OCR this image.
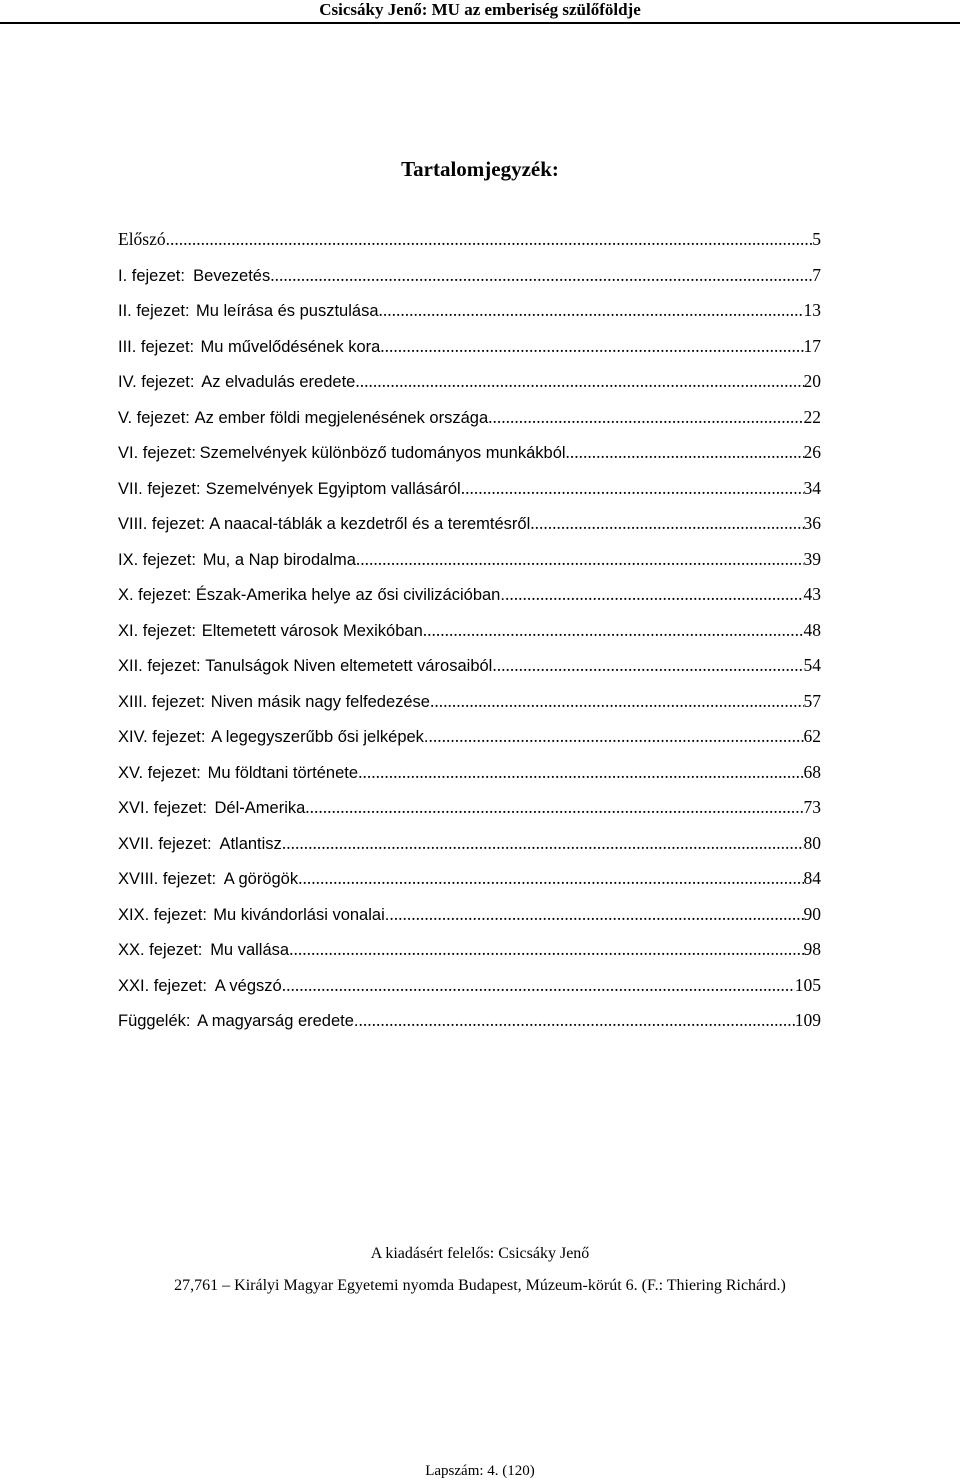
Csicsáky Jenő: MU az emberiség szülőföldje
Tartalomjegyzék:
Előszó .....	5
I. fejezet: Bevezetés .....	7
II. fejezet: Mu leírása és pusztulása .....	13
III. fejezet: Mu művelődésének kora .....	17
IV. fejezet: Az elvadulás eredete .....	20
V. fejezet: Az ember földi megjelenésének országa .....	22
VI. fejezet: Szemelvények különböző tudományos munkákból .....	26
VII. fejezet: Szemelvények Egyiptom vallásáról .....	34
VIII. fejezet: A naacal-táblák a kezdetről és a teremtésről .....	36
IX. fejezet: Mu, a Nap birodalma .....	39
X. fejezet: Észak-Amerika helye az ősi civilizációban. .....	43
XI. fejezet: Eltemetett városok Mexikóban .....	48
XII. fejezet: Tanulságok Niven eltemetett városaiból .....	54
XIII. fejezet: Niven másik nagy felfedezése .....	57
XIV. fejezet: A legegyszerűbb ősi jelképek. .....	62
XV. fejezet: Mu földtani története .....	68
XVI. fejezet: Dél-Amerika .....	73
XVII. fejezet: Atlantisz .....	80
XVIII. fejezet: A görögök .....	84
XIX. fejezet: Mu kivándorlási vonalai. .....	90
XX. fejezet: Mu vallása .....	98
XXI. fejezet: A végszó .....	105
Függelék: A magyarság eredete. .....	109
A kiadásért felelős: Csicsáky Jenő
27,761 – Királyi Magyar Egyetemi nyomda Budapest, Múzeum-körút 6. (F.: Thiering Richárd.)
Lapszám: 4. (120)
